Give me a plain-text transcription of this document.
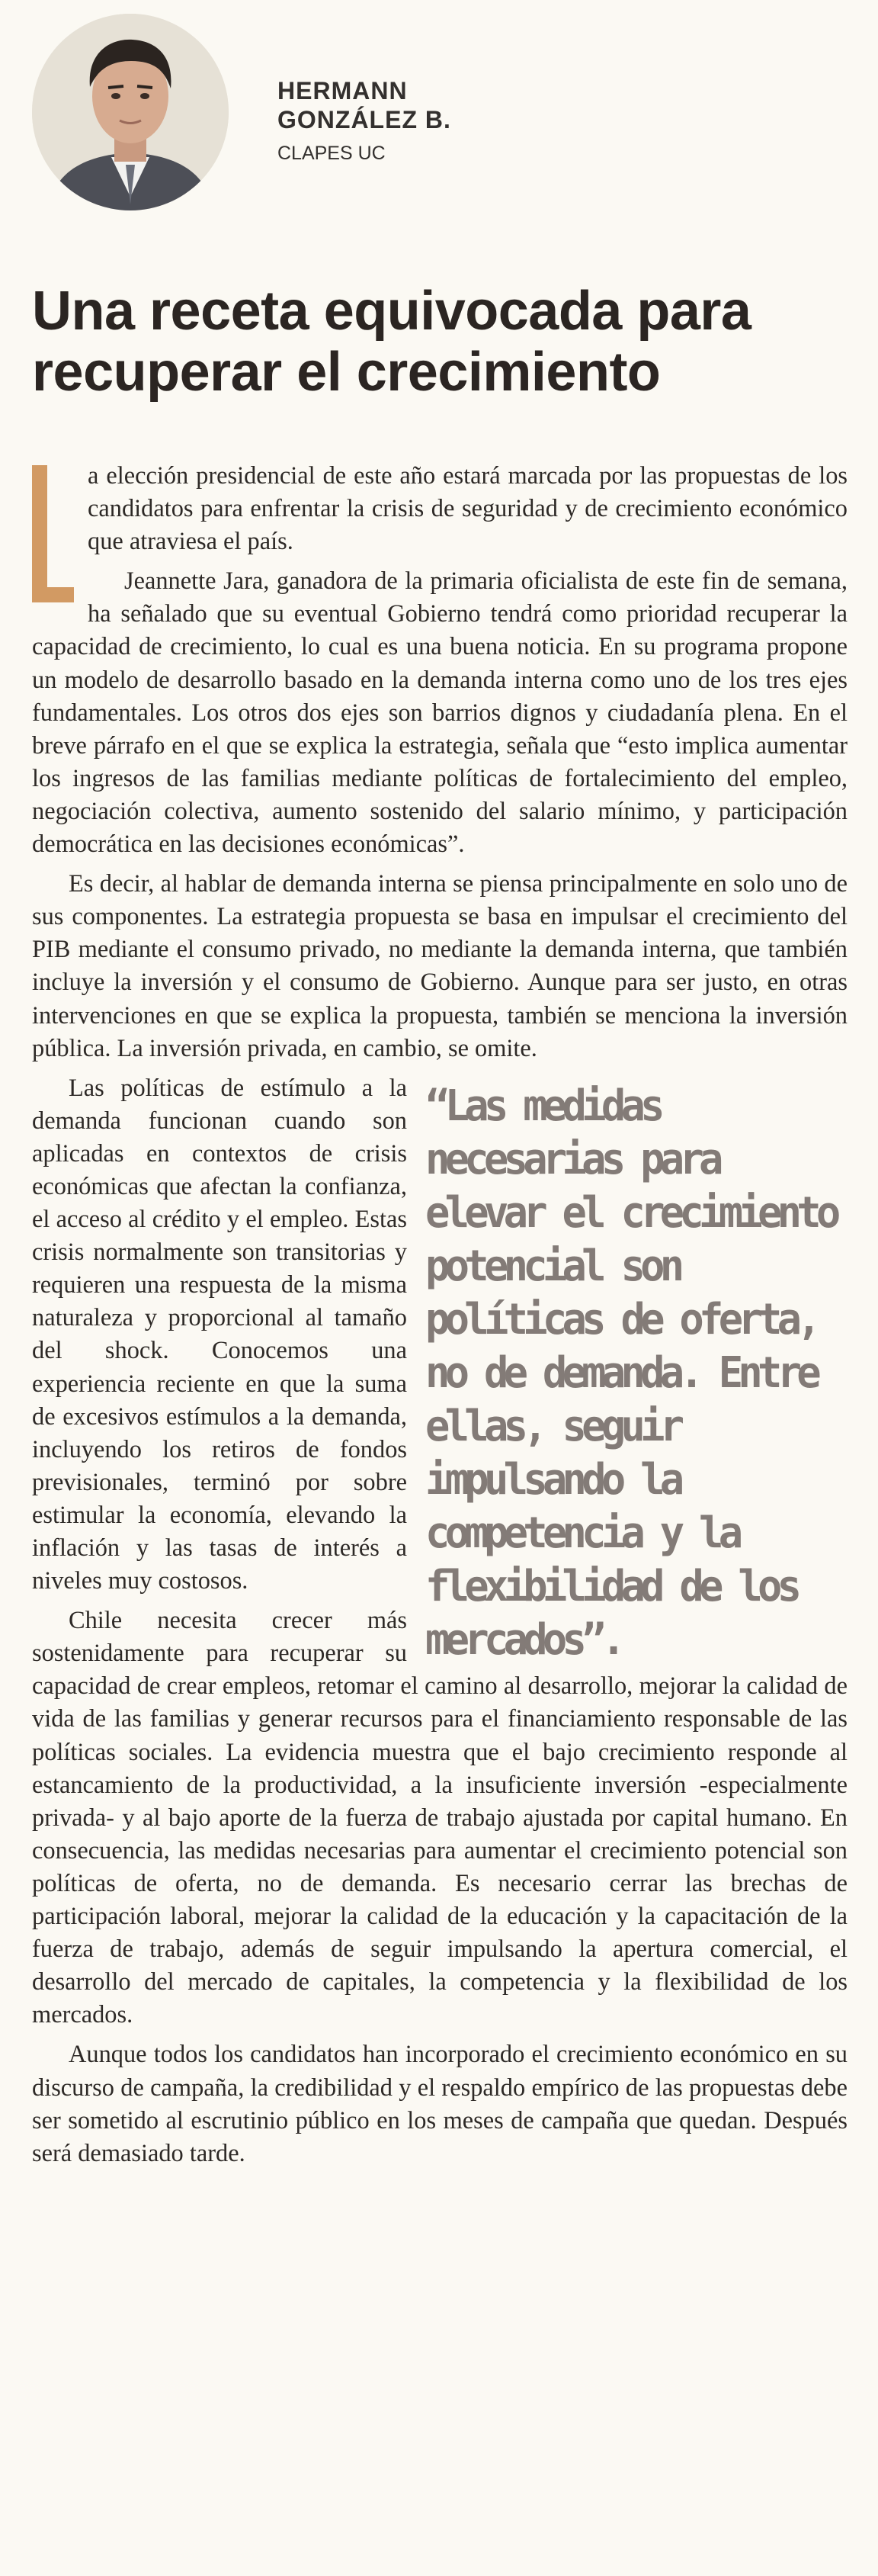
HERMANN
GONZÁLEZ B.
CLAPES UC
Una receta equivocada para recuperar el crecimiento

a elección presidencial de este año estará marcada por las propuestas de los candidatos para enfrentar la crisis de seguridad y de crecimiento económico que atraviesa el país.

Jeannette Jara, ganadora de la primaria oficialista de este fin de semana, ha señalado que su eventual Gobierno tendrá como prioridad recuperar la capacidad de crecimiento, lo cual es una buena noticia. En su programa propone un modelo de desarrollo basado en la demanda interna como uno de los tres ejes fundamentales. Los otros dos ejes son barrios dignos y ciudadanía plena. En el breve párrafo en el que se explica la estrategia, señala que “esto implica aumentar los ingresos de las familias mediante políticas de fortalecimiento del empleo, negociación colectiva, aumento sostenido del salario mínimo, y participación democrática en las decisiones económicas”.

Es decir, al hablar de demanda interna se piensa principalmente en solo uno de sus componentes. La estrategia propuesta se basa en impulsar el crecimiento del PIB mediante el consumo privado, no mediante la demanda interna, que también incluye la inversión y el consumo de Gobierno. Aunque para ser justo, en otras intervenciones en que se explica la propuesta, también se menciona la inversión pública. La inversión privada, en cambio, se omite.

“Las medidas necesarias para elevar el crecimiento potencial son políticas de oferta, no de demanda. Entre ellas, seguir impulsando la competencia y la flexibilidad de los mercados”.
Las políticas de estímulo a la demanda funcionan cuando son aplicadas en contextos de crisis económicas que afectan la confianza, el acceso al crédito y el empleo. Estas crisis normalmente son transitorias y requieren una respuesta de la misma naturaleza y proporcional al tamaño del shock. Conocemos una experiencia reciente en que la suma de excesivos estímulos a la demanda, incluyendo los retiros de fondos previsionales, terminó por sobre estimular la economía, elevando la inflación y las tasas de interés a niveles muy costosos.

Chile necesita crecer más sostenidamente para recuperar su capacidad de crear empleos, retomar el camino al desarrollo, mejorar la calidad de vida de las familias y generar recursos para el financiamiento responsable de las políticas sociales. La evidencia muestra que el bajo crecimiento responde al estancamiento de la productividad, a la insuficiente inversión -especialmente privada- y al bajo aporte de la fuerza de trabajo ajustada por capital humano. En consecuencia, las medidas necesarias para aumentar el crecimiento potencial son políticas de oferta, no de demanda. Es necesario cerrar las brechas de participación laboral, mejorar la calidad de la educación y la capacitación de la fuerza de trabajo, además de seguir impulsando la apertura comercial, el desarrollo del mercado de capitales, la competencia y la flexibilidad de los mercados.

Aunque todos los candidatos han incorporado el crecimiento económico en su discurso de campaña, la credibilidad y el respaldo empírico de las propuestas debe ser sometido al escrutinio público en los meses de campaña que quedan. Después será demasiado tarde.
